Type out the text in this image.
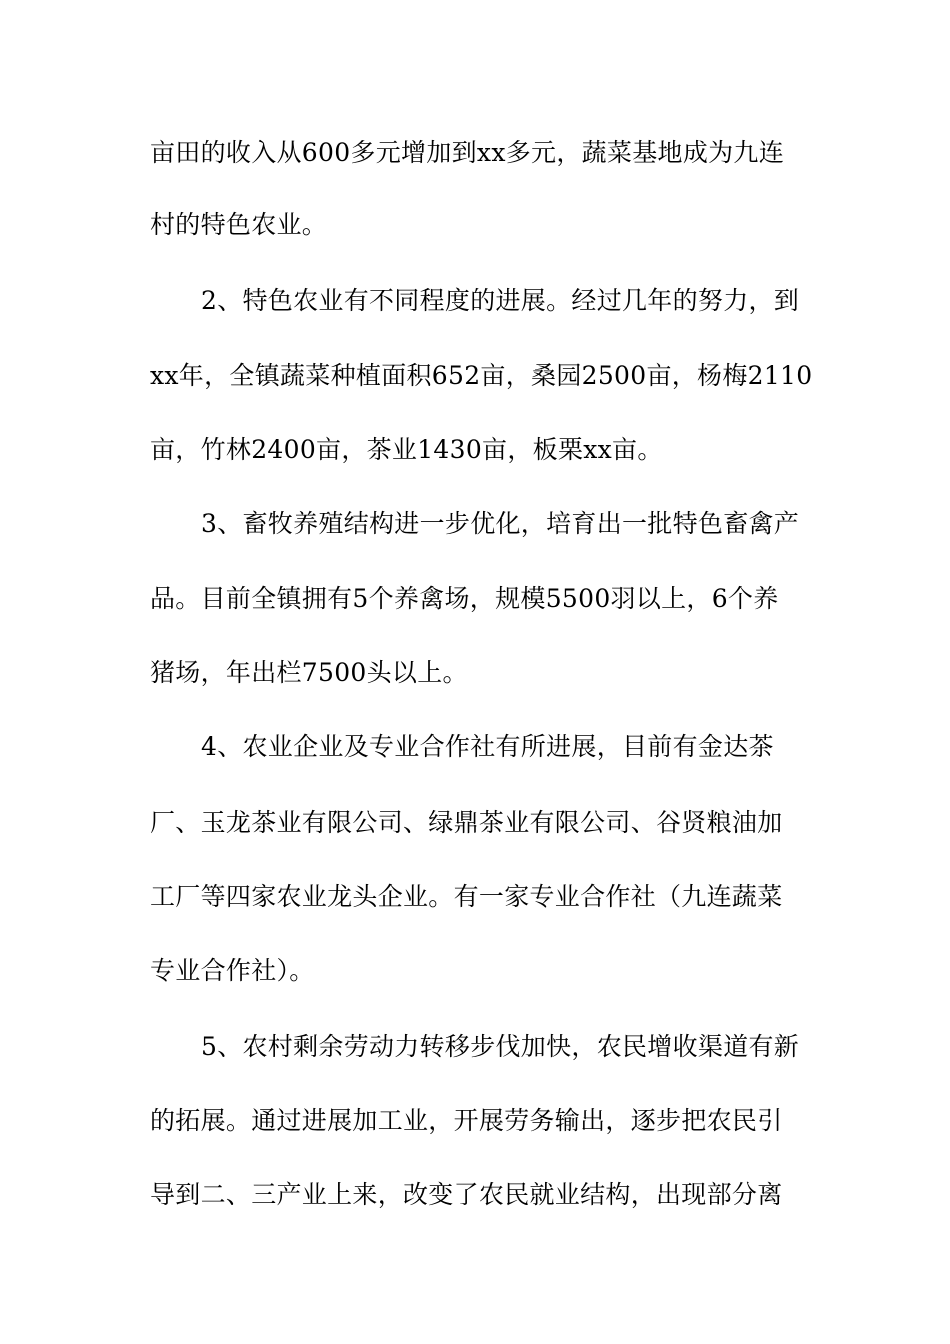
亩田的收入从600多元增加到xx多元，蔬菜基地成为九连
村的特色农业。
2、特色农业有不同程度的进展。经过几年的努力，到
xx年，全镇蔬菜种植面积652亩，桑园2500亩，杨梅2110
亩，竹林2400亩，茶业1430亩，板栗xx亩。
3、畜牧养殖结构进一步优化，培育出一批特色畜禽产
品。目前全镇拥有5个养禽场，规模5500羽以上，6个养
猪场，年出栏7500头以上。
4、农业企业及专业合作社有所进展，目前有金达茶
厂、玉龙茶业有限公司、绿鼎茶业有限公司、谷贤粮油加
工厂等四家农业龙头企业。有一家专业合作社（九连蔬菜
专业合作社）。
5、农村剩余劳动力转移步伐加快，农民增收渠道有新
的拓展。通过进展加工业，开展劳务输出，逐步把农民引
导到二、三产业上来，改变了农民就业结构，出现部分离
